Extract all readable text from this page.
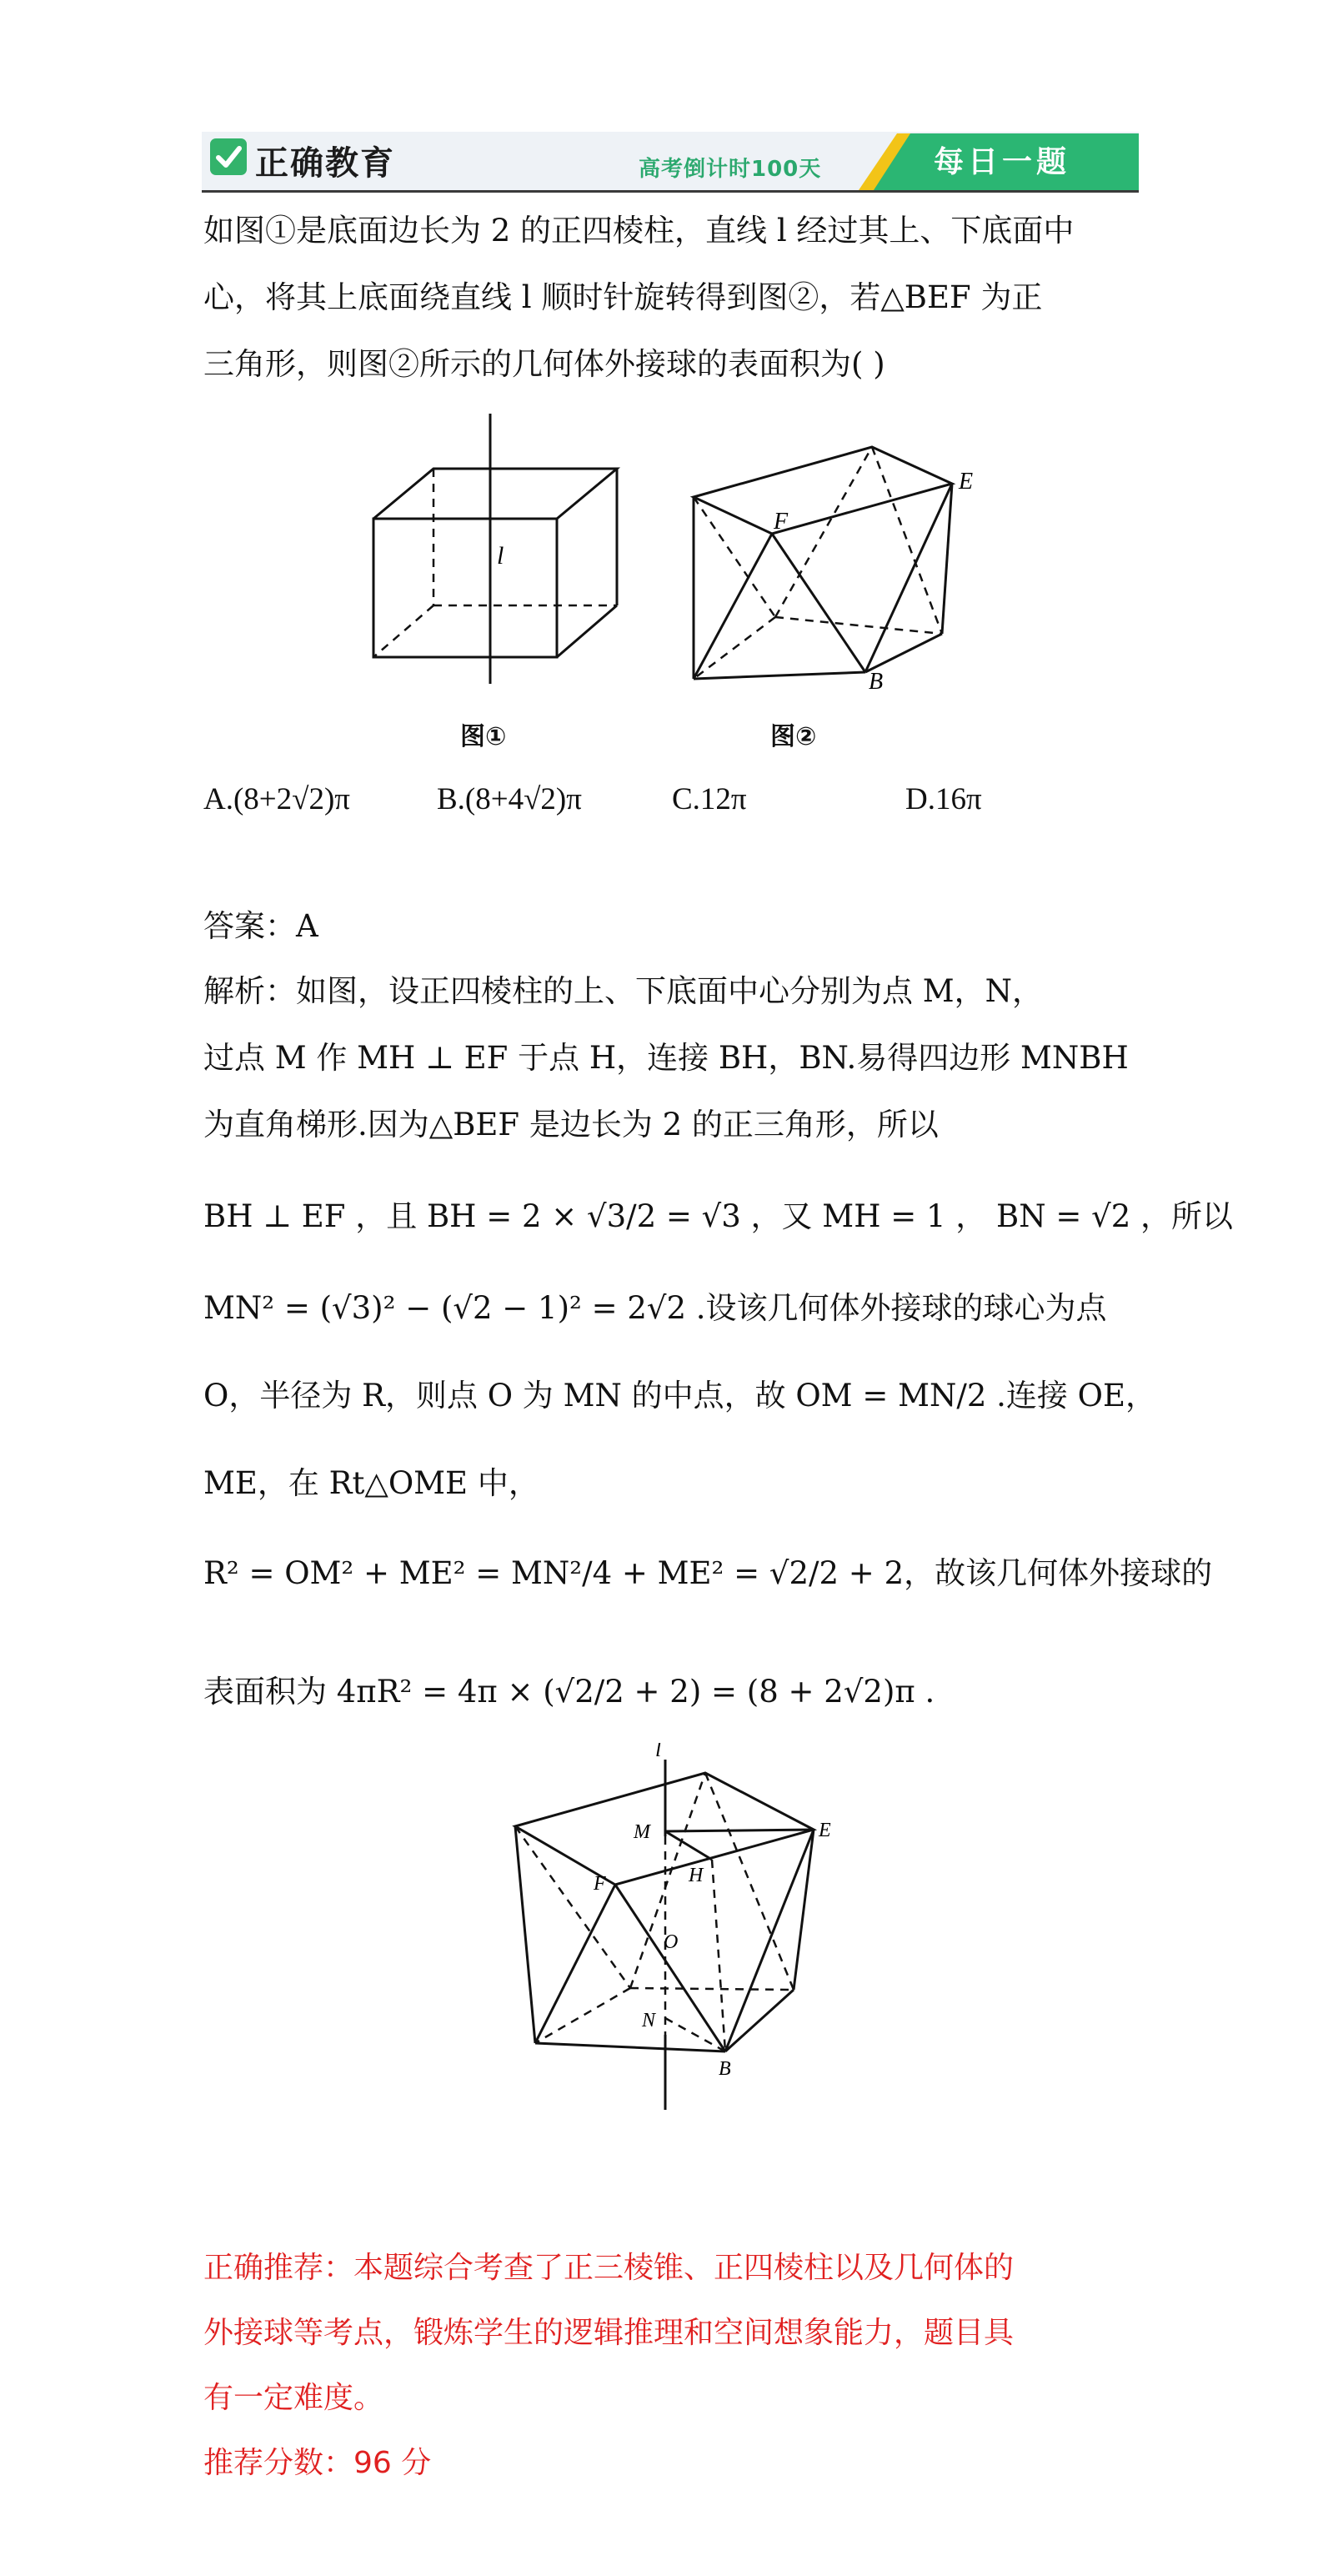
正确教育	高考倒计时100天	每日一题
如图①是底面边长为 2 的正四棱柱，直线 l 经过其上、下底面中
心，将其上底面绕直线 l 顺时针旋转得到图②，若△BEF 为正
三角形，则图②所示的几何体外接球的表面积为( )
l
图①
F
E
B
图②
A.(8+2√2)π	B.(8+4√2)π	C.12π	D.16π
答案：A
解析：如图，设正四棱柱的上、下底面中心分别为点 M，N，
过点 M 作 MH ⊥ EF 于点 H，连接 BH，BN.易得四边形 MNBH
为直角梯形.因为△BEF 是边长为 2 的正三角形，所以
BH ⊥ EF ，且 BH = 2 × √3/2 = √3 ，又 MH = 1 ， BN = √2 ，所以
MN² = (√3)² − (√2 − 1)² = 2√2 .设该几何体外接球的球心为点
O，半径为 R，则点 O 为 MN 的中点，故 OM = MN/2 .连接 OE，
ME，在 Rt△OME 中，
R² = OM² + ME² = MN²/4 + ME² = √2/2 + 2，故该几何体外接球的
表面积为 4πR² = 4π × (√2/2 + 2) = (8 + 2√2)π .
l
M	E
F	H
O
N
B
正确推荐：本题综合考查了正三棱锥、正四棱柱以及几何体的
外接球等考点，锻炼学生的逻辑推理和空间想象能力，题目具
有一定难度。
推荐分数：96 分
